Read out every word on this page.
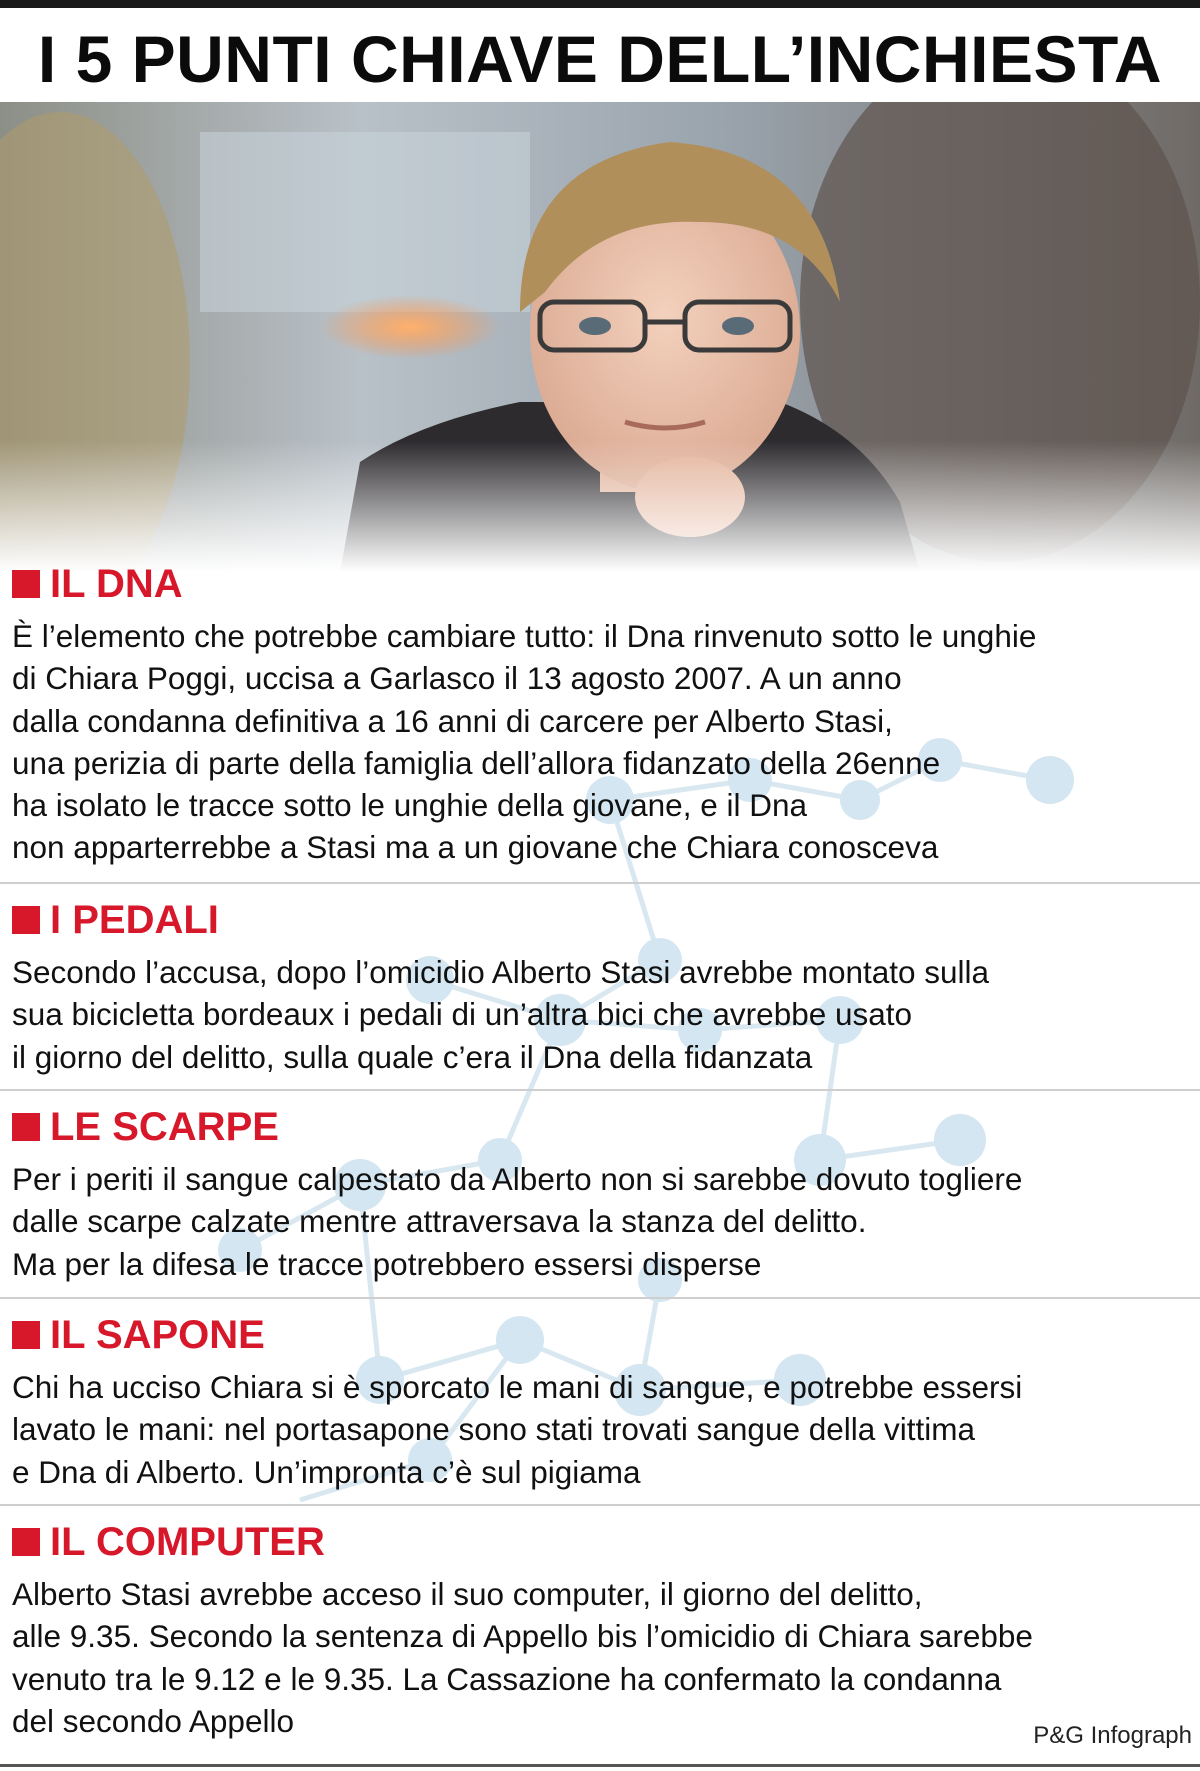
I 5 PUNTI CHIAVE DELL’INCHIESTA
IL DNA
È l’elemento che potrebbe cambiare tutto: il Dna rinvenuto sotto le unghie
di Chiara Poggi, uccisa a Garlasco il 13 agosto 2007. A un anno
dalla condanna definitiva a 16 anni di carcere per Alberto Stasi,
una perizia di parte della famiglia dell’allora fidanzato della 26enne
ha isolato le tracce sotto le unghie della giovane, e il Dna
non apparterrebbe a Stasi ma a un giovane che Chiara conosceva
I PEDALI
Secondo l’accusa, dopo l’omicidio Alberto Stasi avrebbe montato sulla
sua bicicletta bordeaux i pedali di un’altra bici che avrebbe usato
il giorno del delitto, sulla quale c’era il Dna della fidanzata
LE SCARPE
Per i periti il sangue calpestato da Alberto non si sarebbe dovuto togliere
dalle scarpe calzate mentre attraversava la stanza del delitto.
Ma per la difesa le tracce potrebbero essersi disperse
IL SAPONE
Chi ha ucciso Chiara si è sporcato le mani di sangue, e potrebbe essersi
lavato le mani: nel portasapone sono stati trovati sangue della vittima
e Dna di Alberto. Un’impronta c’è sul pigiama
IL COMPUTER
Alberto Stasi avrebbe acceso il suo computer, il giorno del delitto,
alle 9.35. Secondo la sentenza di Appello bis l’omicidio di Chiara sarebbe
venuto tra le 9.12 e le 9.35. La Cassazione ha confermato la condanna
del secondo Appello	P&G Infograph
